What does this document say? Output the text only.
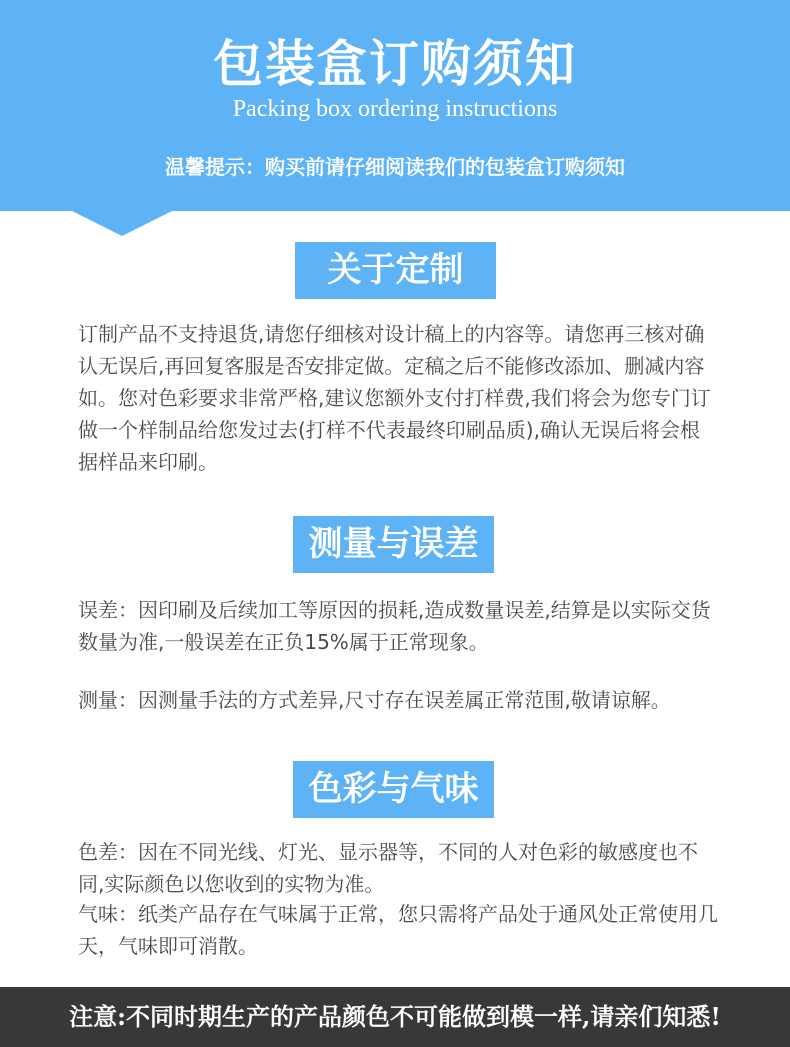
包装盒订购须知
Packing box ordering instructions
温馨提示：购买前请仔细阅读我们的包装盒订购须知
关于定制
订制产品不支持退货,请您仔细核对设计稿上的内容等。请您再三核对确认无误后,再回复客服是否安排定做。定稿之后不能修改添加、删减内容如。您对色彩要求非常严格,建议您额外支付打样费,我们将会为您专门订做一个样制品给您发过去(打样不代表最终印刷品质),确认无误后将会根据样品来印刷。
测量与误差
误差：因印刷及后续加工等原因的损耗,造成数量误差,结算是以实际交货数量为准,一般误差在正负15%属于正常现象。
测量：因测量手法的方式差异,尺寸存在误差属正常范围,敬请谅解。
色彩与气味
色差：因在不同光线、灯光、显示器等，不同的人对色彩的敏感度也不同,实际颜色以您收到的实物为准。
气味：纸类产品存在气味属于正常，您只需将产品处于通风处正常使用几天，气味即可消散。
注意:不同时期生产的产品颜色不可能做到模一样,请亲们知悉!
